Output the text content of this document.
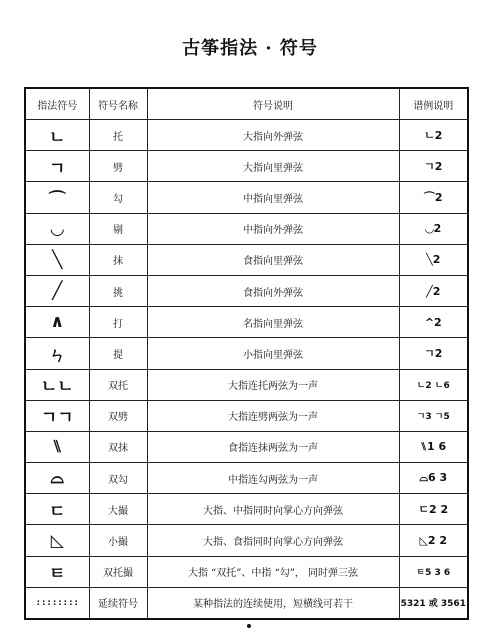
古筝指法 · 符号
指法符号	符号名称	符号说明	谱例说明
ㄴ	托	大指向外弹弦	ㄴ2
ㄱ	劈	大指向里弹弦	ㄱ2
⌒	勾	中指向里弹弦	⌒2
◡	剔	中指向外弹弦	◡2
╲	抹	食指向里弹弦	╲2
╱	挑	食指向外弹弦	╱2
∧	打	名指向里弹弦	^2
ㄣ	提	小指向里弹弦	ㄱ2
ㄴㄴ	双托	大指连托两弦为一声	ㄴ2 ㄴ6
ㄱㄱ	双劈	大指连劈两弦为一声	ㄱ3 ㄱ5
⑊	双抹	食指连抹两弦为一声	⑊1 6
⌓	双勾	中指连勾两弦为一声	⌓6 3
ㄷ	大撮	大指、中指同时向掌心方向弹弦	ㄷ2 2
◺	小撮	大指、食指同时向掌心方向弹弦	◺2 2
ㅌ	双托撮	大指 “双托”、中指 “勾”， 同时弹三弦	ㅌ5 3 6
::::::::	延续符号	某种指法的连续使用，短横线可若干	5321 或 3561
